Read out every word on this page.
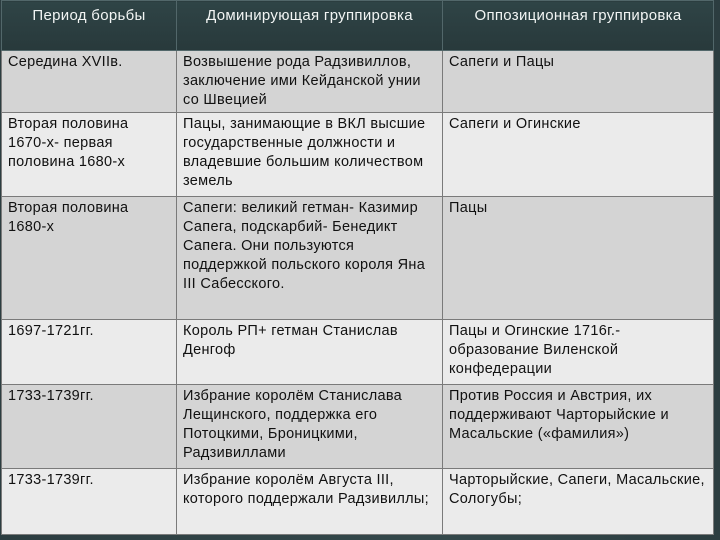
Период борьбы	Доминирующая группировка	Оппозиционная группировка
Середина XVIIв.	Возвышение рода Радзивиллов, заключение ими Кейданской унии со Швецией	Сапеги и Пацы
Вторая половина 1670-х- первая половина 1680-х	Пацы, занимающие в ВКЛ высшие государственные должности и владевшие большим количеством земель	Сапеги и Огинские
Вторая половина 1680-х	Сапеги: великий гетман- Казимир Сапега, подскарбий- Бенедикт Сапега. Они пользуются поддержкой польского короля Яна III Сабесского.	Пацы
1697-1721гг.	Король РП+ гетман Станислав Денгоф	Пацы и Огинские 1716г.-образование Виленской конфедерации
1733-1739гг.	Избрание королём Станислава Лещинского, поддержка его Потоцкими, Броницкими, Радзивиллами	Против Россия и Австрия, их поддерживают Чарторыйские и Масальские («фамилия»)
1733-1739гг.	Избрание королём Августа III, которого поддержали Радзивиллы;	Чарторыйские, Сапеги, Масальские, Сологубы;
